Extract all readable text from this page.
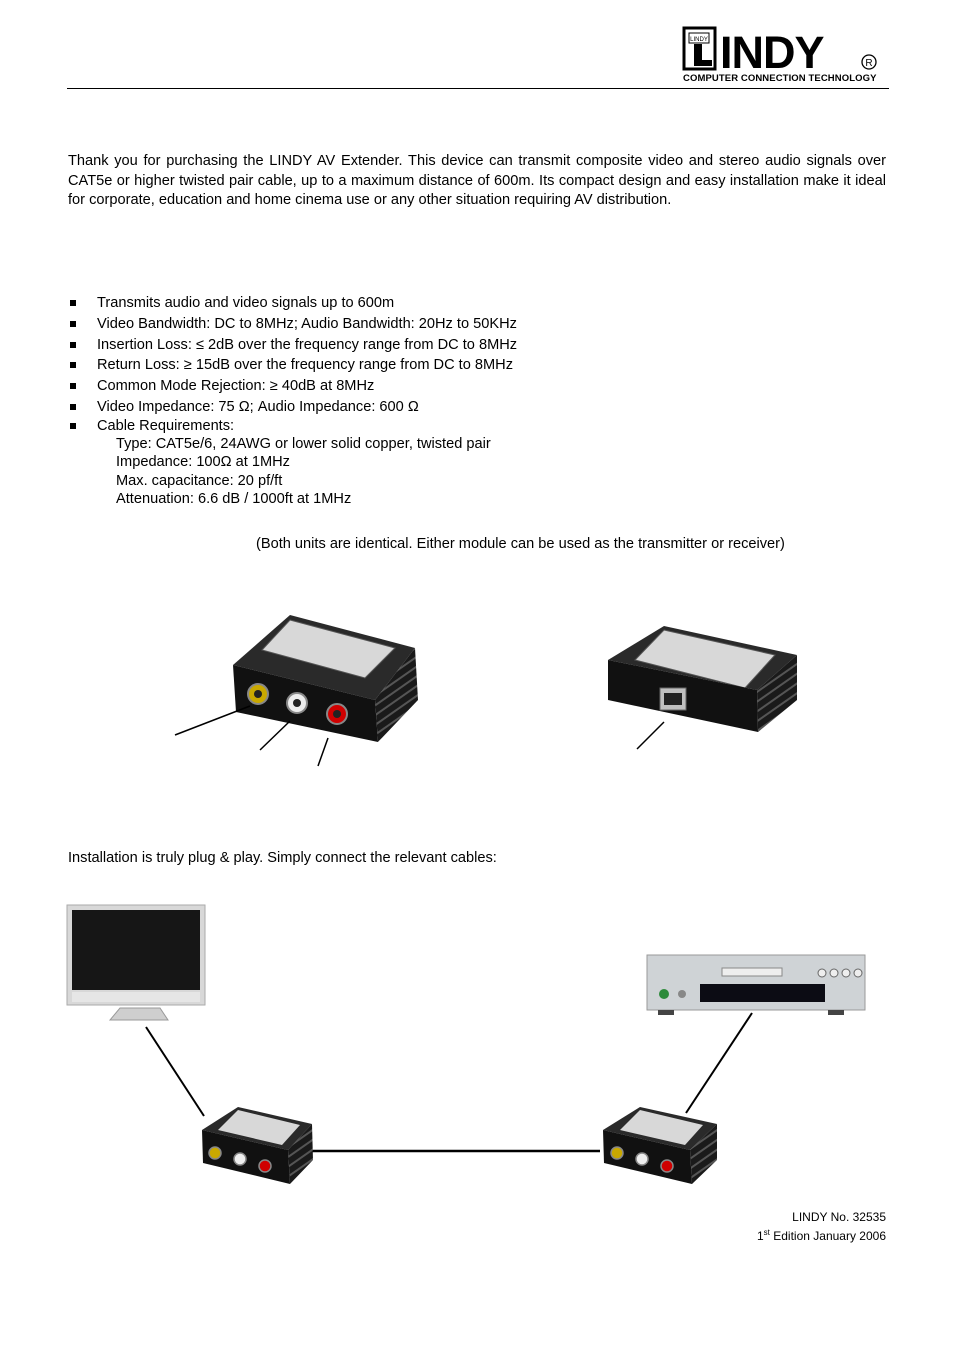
LINDY INDY	R
COMPUTER CONNECTION TECHNOLOGY
Thank you for purchasing the LINDY AV Extender. This device can transmit composite video and stereo audio signals over CAT5e or higher twisted pair cable, up to a maximum distance of 600m. Its compact design and easy installation make it ideal for corporate, education and home cinema use or any other situation requiring AV distribution.
Transmits audio and video signals up to 600m
Video Bandwidth: DC to 8MHz; Audio Bandwidth: 20Hz to 50KHz
Insertion Loss: ≤ 2dB over the frequency range from DC to 8MHz
Return Loss: ≥ 15dB over the frequency range from DC to 8MHz
Common Mode Rejection: ≥ 40dB at 8MHz
Video Impedance: 75 Ω; Audio Impedance: 600 Ω
Cable Requirements:
Type: CAT5e/6, 24AWG or lower solid copper, twisted pair
Impedance: 100Ω at 1MHz
Max. capacitance: 20 pf/ft
Attenuation: 6.6 dB / 1000ft at 1MHz
(Both units are identical. Either module can be used as the transmitter or receiver)
Installation is truly plug & play. Simply connect the relevant cables:
LINDY No. 32535
1st Edition January 2006
